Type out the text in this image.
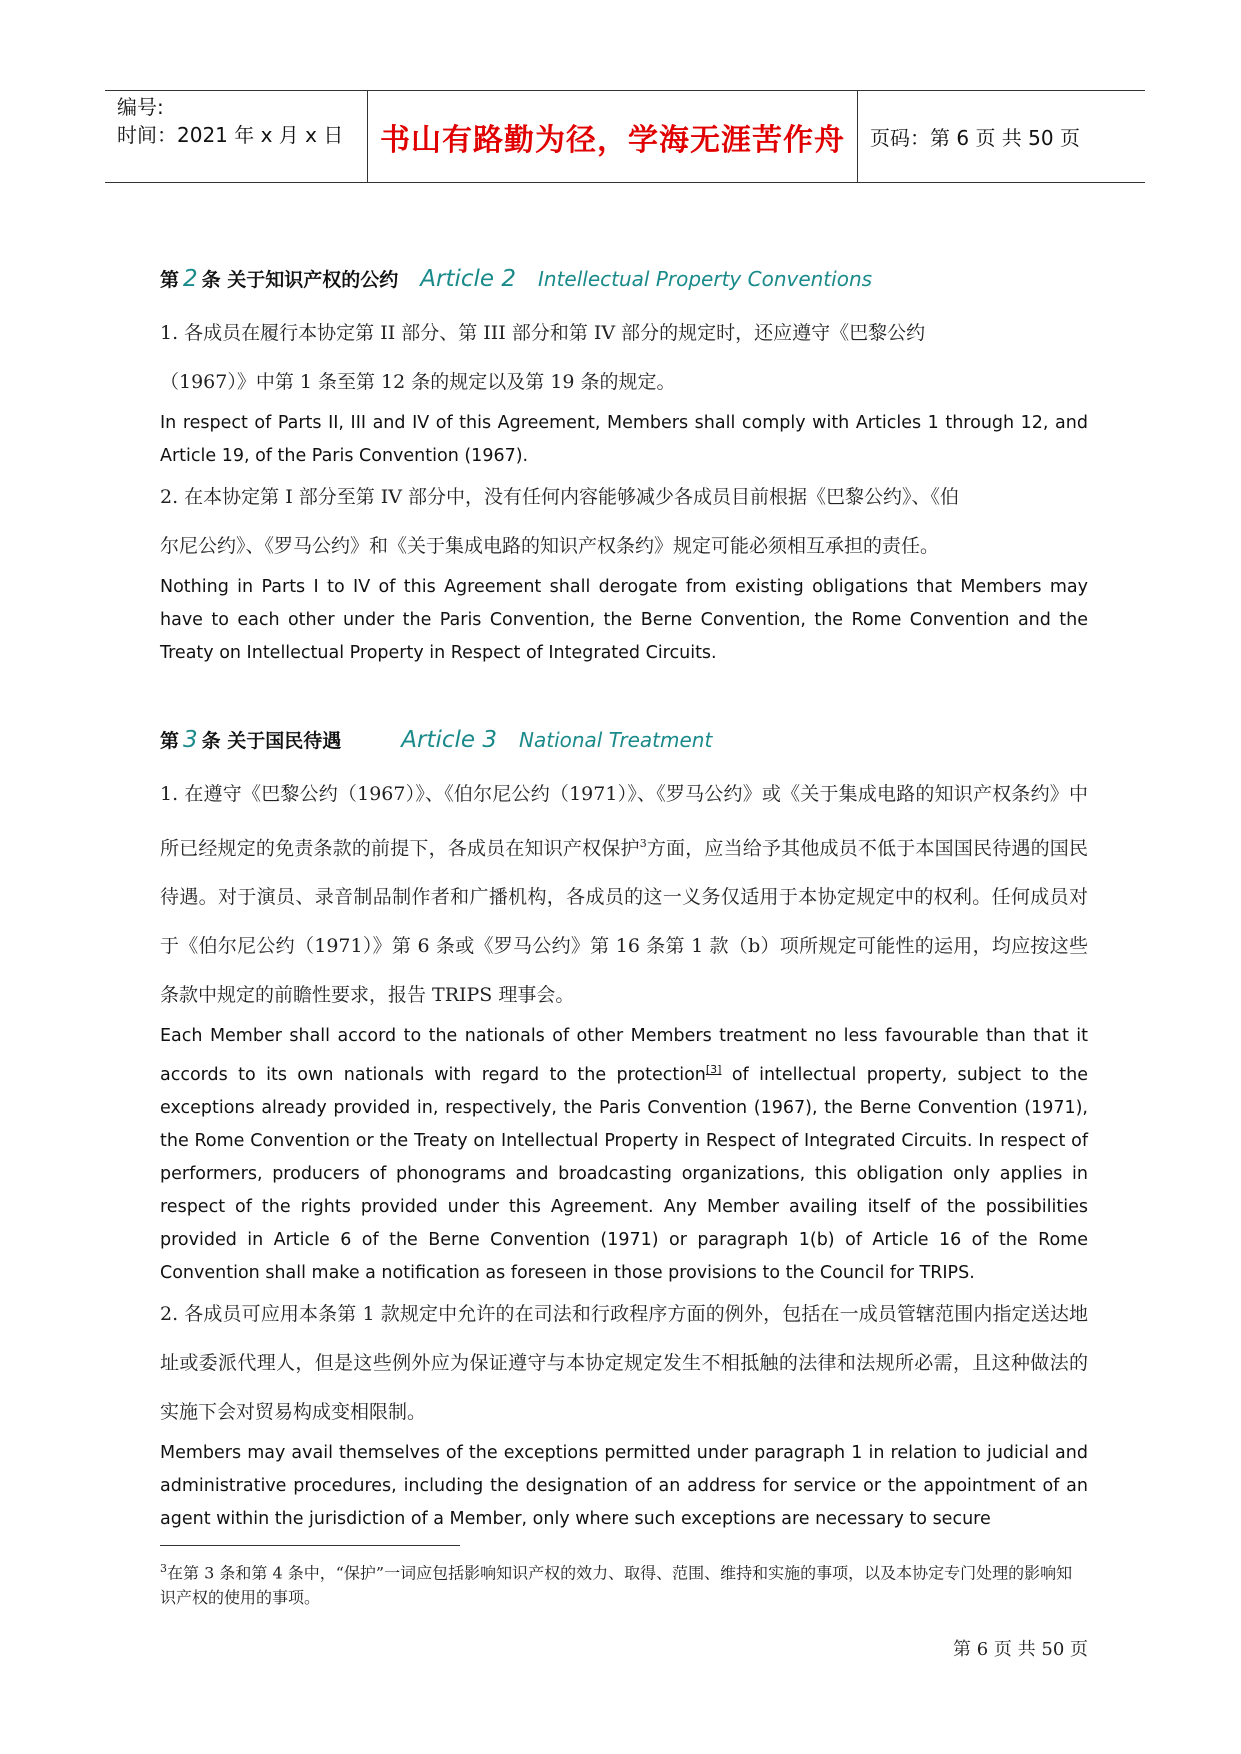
编号:
时间：2021 年 x 月 x 日	书山有路勤为径，学海无涯苦作舟	页码：第 6 页 共 50 页
第 2 条 关于知识产权的公约 Article 2 Intellectual Property Conventions
1. 各成员在履行本协定第 II 部分、第 III 部分和第 IV 部分的规定时，还应遵守《巴黎公约
（1967）》中第 1 条至第 12 条的规定以及第 19 条的规定。
In respect of Parts II, III and IV of this Agreement, Members shall comply with Articles 1 through 12, and Article 19, of the Paris Convention (1967).
2. 在本协定第 I 部分至第 IV 部分中，没有任何内容能够减少各成员目前根据《巴黎公约》、《伯
尔尼公约》、《罗马公约》和《关于集成电路的知识产权条约》规定可能必须相互承担的责任。
Nothing in Parts I to IV of this Agreement shall derogate from existing obligations that Members may have to each other under the Paris Convention, the Berne Convention, the Rome Convention and the Treaty on Intellectual Property in Respect of Integrated Circuits.
第 3 条 关于国民待遇	Article 3 National Treatment
1. 在遵守《巴黎公约（1967）》、《伯尔尼公约（1971）》、《罗马公约》或《关于集成电路的知识产权条约》中所已经规定的免责条款的前提下，各成员在知识产权保护$^3$方面，应当给予其他成员不低于本国国民待遇的国民待遇。对于演员、录音制品制作者和广播机构，各成员的这一义务仅适用于本协定规定中的权利。任何成员对于《伯尔尼公约（1971）》第 6 条或《罗马公约》第 16 条第 1 款（b）项所规定可能性的运用，均应按这些条款中规定的前瞻性要求，报告 TRIPS 理事会。
Each Member shall accord to the nationals of other Members treatment no less favourable than that it accords to its own nationals with regard to the protection[3] of intellectual property, subject to the exceptions already provided in, respectively, the Paris Convention (1967), the Berne Convention (1971), the Rome Convention or the Treaty on Intellectual Property in Respect of Integrated Circuits. In respect of performers, producers of phonograms and broadcasting organizations, this obligation only applies in respect of the rights provided under this Agreement. Any Member availing itself of the possibilities provided in Article 6 of the Berne Convention (1971) or paragraph 1(b) of Article 16 of the Rome Convention shall make a notification as foreseen in those provisions to the Council for TRIPS.
2. 各成员可应用本条第 1 款规定中允许的在司法和行政程序方面的例外，包括在一成员管辖范围内指定送达地址或委派代理人，但是这些例外应为保证遵守与本协定规定发生不相抵触的法律和法规所必需，且这种做法的实施下会对贸易构成变相限制。
Members may avail themselves of the exceptions permitted under paragraph 1 in relation to judicial and administrative procedures, including the designation of an address for service or the appointment of an agent within the jurisdiction of a Member, only where such exceptions are necessary to secure
$^3$在第 3 条和第 4 条中，“保护”一词应包括影响知识产权的效力、取得、范围、维持和实施的事项，以及本协定专门处理的影响知识产权的使用的事项。
第 6 页 共 50 页
